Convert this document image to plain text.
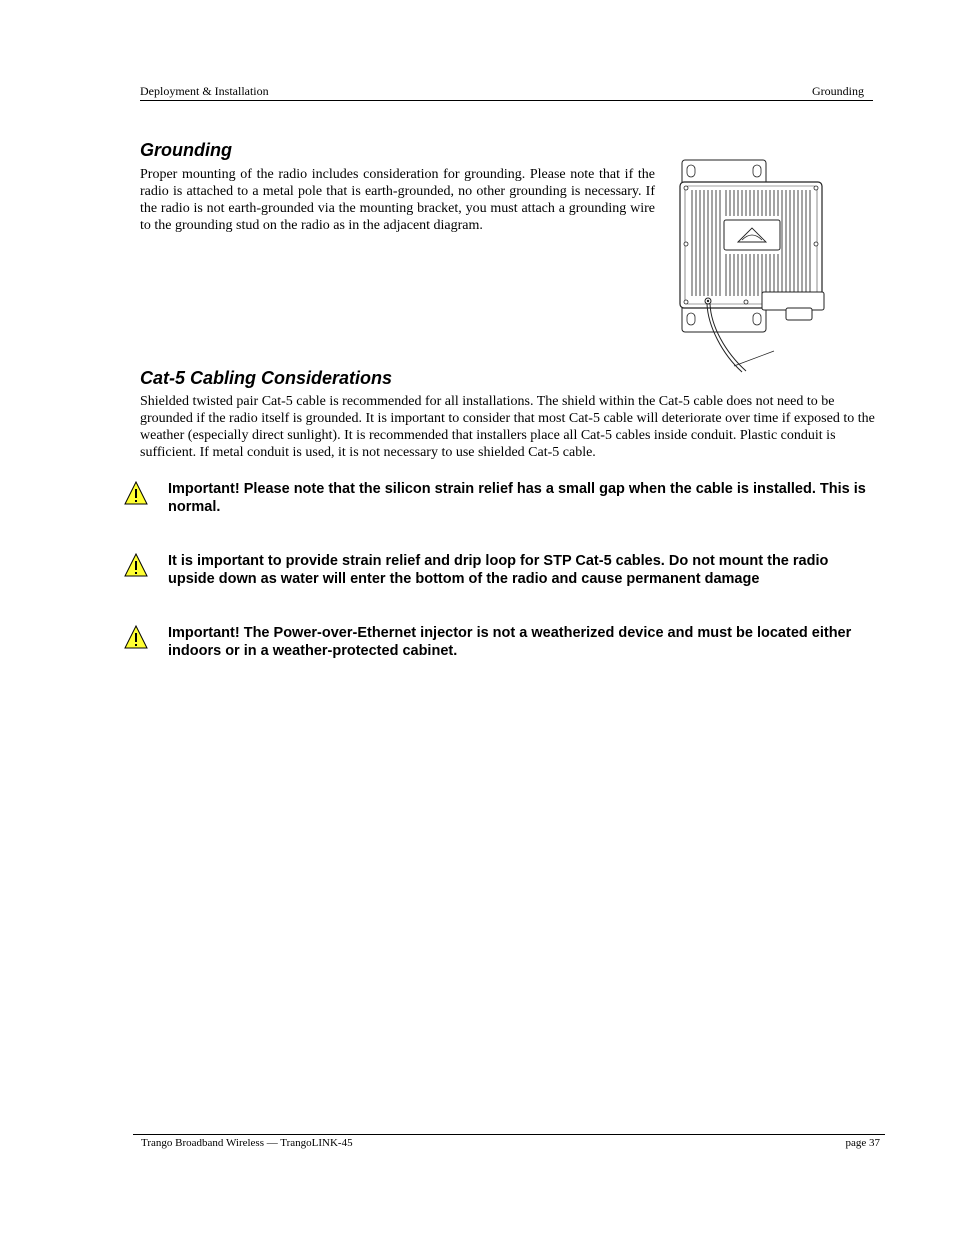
Deployment & Installation	Grounding
Grounding

Proper mounting of the radio includes consideration for grounding. Please note that if the radio is attached to a metal pole that is earth-grounded, no other grounding is necessary. If the radio is not earth-grounded via the mounting bracket, you must attach a grounding wire to the grounding stud on the radio as in the adjacent diagram.

Cat-5 Cabling Considerations

Shielded twisted pair Cat-5 cable is recommended for all installations. The shield within the Cat-5 cable does not need to be grounded if the radio itself is grounded. It is important to consider that most Cat-5 cable will deteriorate over time if exposed to the weather (especially direct sunlight). It is recommended that installers place all Cat-5 cables inside conduit. Plastic conduit is sufficient. If metal conduit is used, it is not necessary to use shielded Cat-5 cable.

Important! Please note that the silicon strain relief has a small gap when the cable is installed. This is normal.

It is important to provide strain relief and drip loop for STP Cat-5 cables. Do not mount the radio upside down as water will enter the bottom of the radio and cause permanent damage

Important! The Power-over-Ethernet injector is not a weatherized device and must be located either indoors or in a weather-protected cabinet.

Trango Broadband Wireless — TrangoLINK-45	page 37
